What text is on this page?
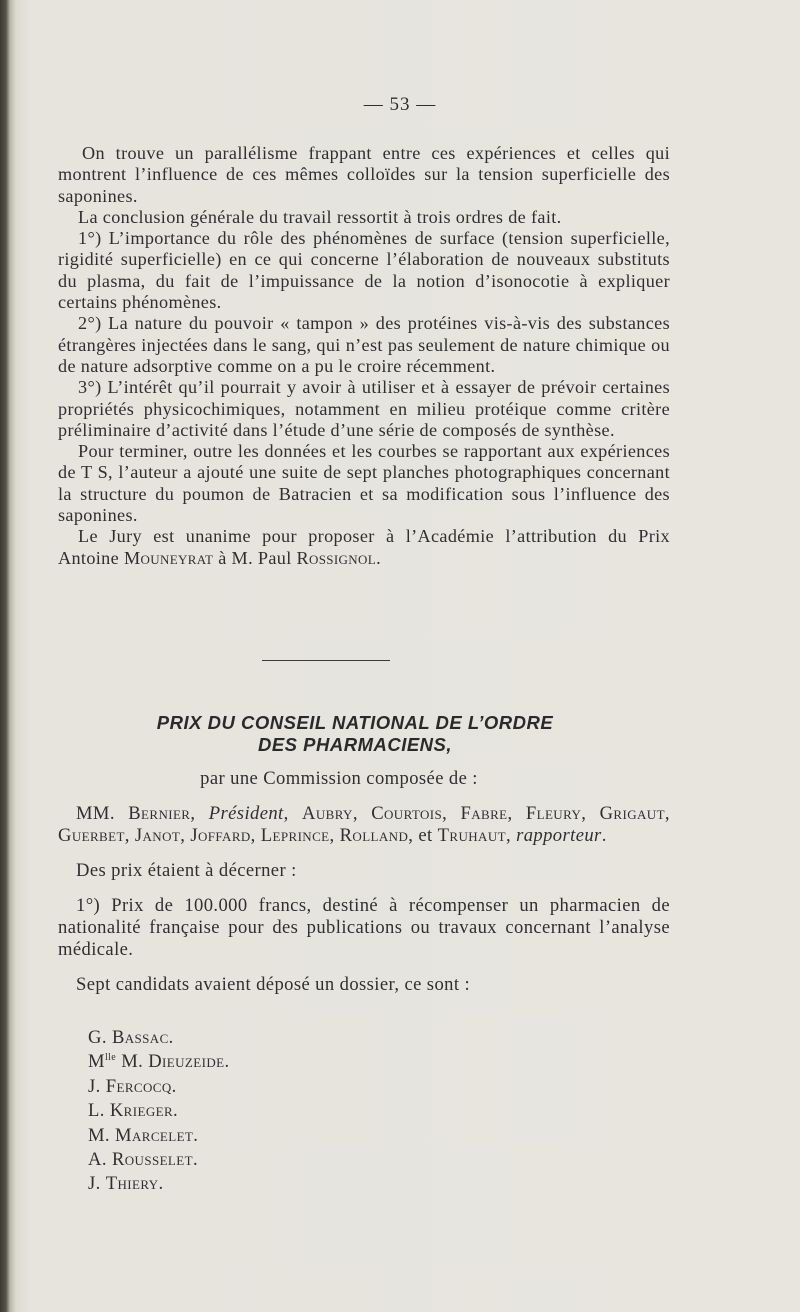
— 53 —

On trouve un parallélisme frappant entre ces expériences et celles qui montrent l’influence de ces mêmes colloïdes sur la tension superficielle des saponines.

La conclusion générale du travail ressortit à trois ordres de fait.

1°) L’importance du rôle des phénomènes de surface (tension superficielle, rigidité superficielle) en ce qui concerne l’élaboration de nouveaux substituts du plasma, du fait de l’impuissance de la notion d’isonocotie à expliquer certains phénomènes.

2°) La nature du pouvoir « tampon » des protéines vis-à-vis des substances étrangères injectées dans le sang, qui n’est pas seulement de nature chimique ou de nature adsorptive comme on a pu le croire récemment.

3°) L’intérêt qu’il pourrait y avoir à utiliser et à essayer de prévoir certaines propriétés physicochimiques, notamment en milieu protéique comme critère préliminaire d’activité dans l’étude d’une série de composés de synthèse.

Pour terminer, outre les données et les courbes se rapportant aux expériences de T S, l’auteur a ajouté une suite de sept planches photographiques concernant la structure du poumon de Batracien et sa modification sous l’influence des saponines.

Le Jury est unanime pour proposer à l’Académie l’attribution du Prix Antoine Mouneyrat à M. Paul Rossignol.

PRIX DU CONSEIL NATIONAL DE L’ORDRE
DES PHARMACIENS,

par une Commission composée de :

MM. Bernier, Président, Aubry, Courtois, Fabre, Fleury, Grigaut, Guerbet, Janot, Joffard, Leprince, Rolland, et Truhaut, rapporteur.

Des prix étaient à décerner :

1°) Prix de 100.000 francs, destiné à récompenser un pharmacien de nationalité française pour des publications ou travaux concernant l’analyse médicale.

Sept candidats avaient déposé un dossier, ce sont :

G. Bassac.
$M^{lle}$ M. Dieuzeide.
J. Fercocq.
L. Krieger.
M. Marcelet.
A. Rousselet.
J. Thiery.
